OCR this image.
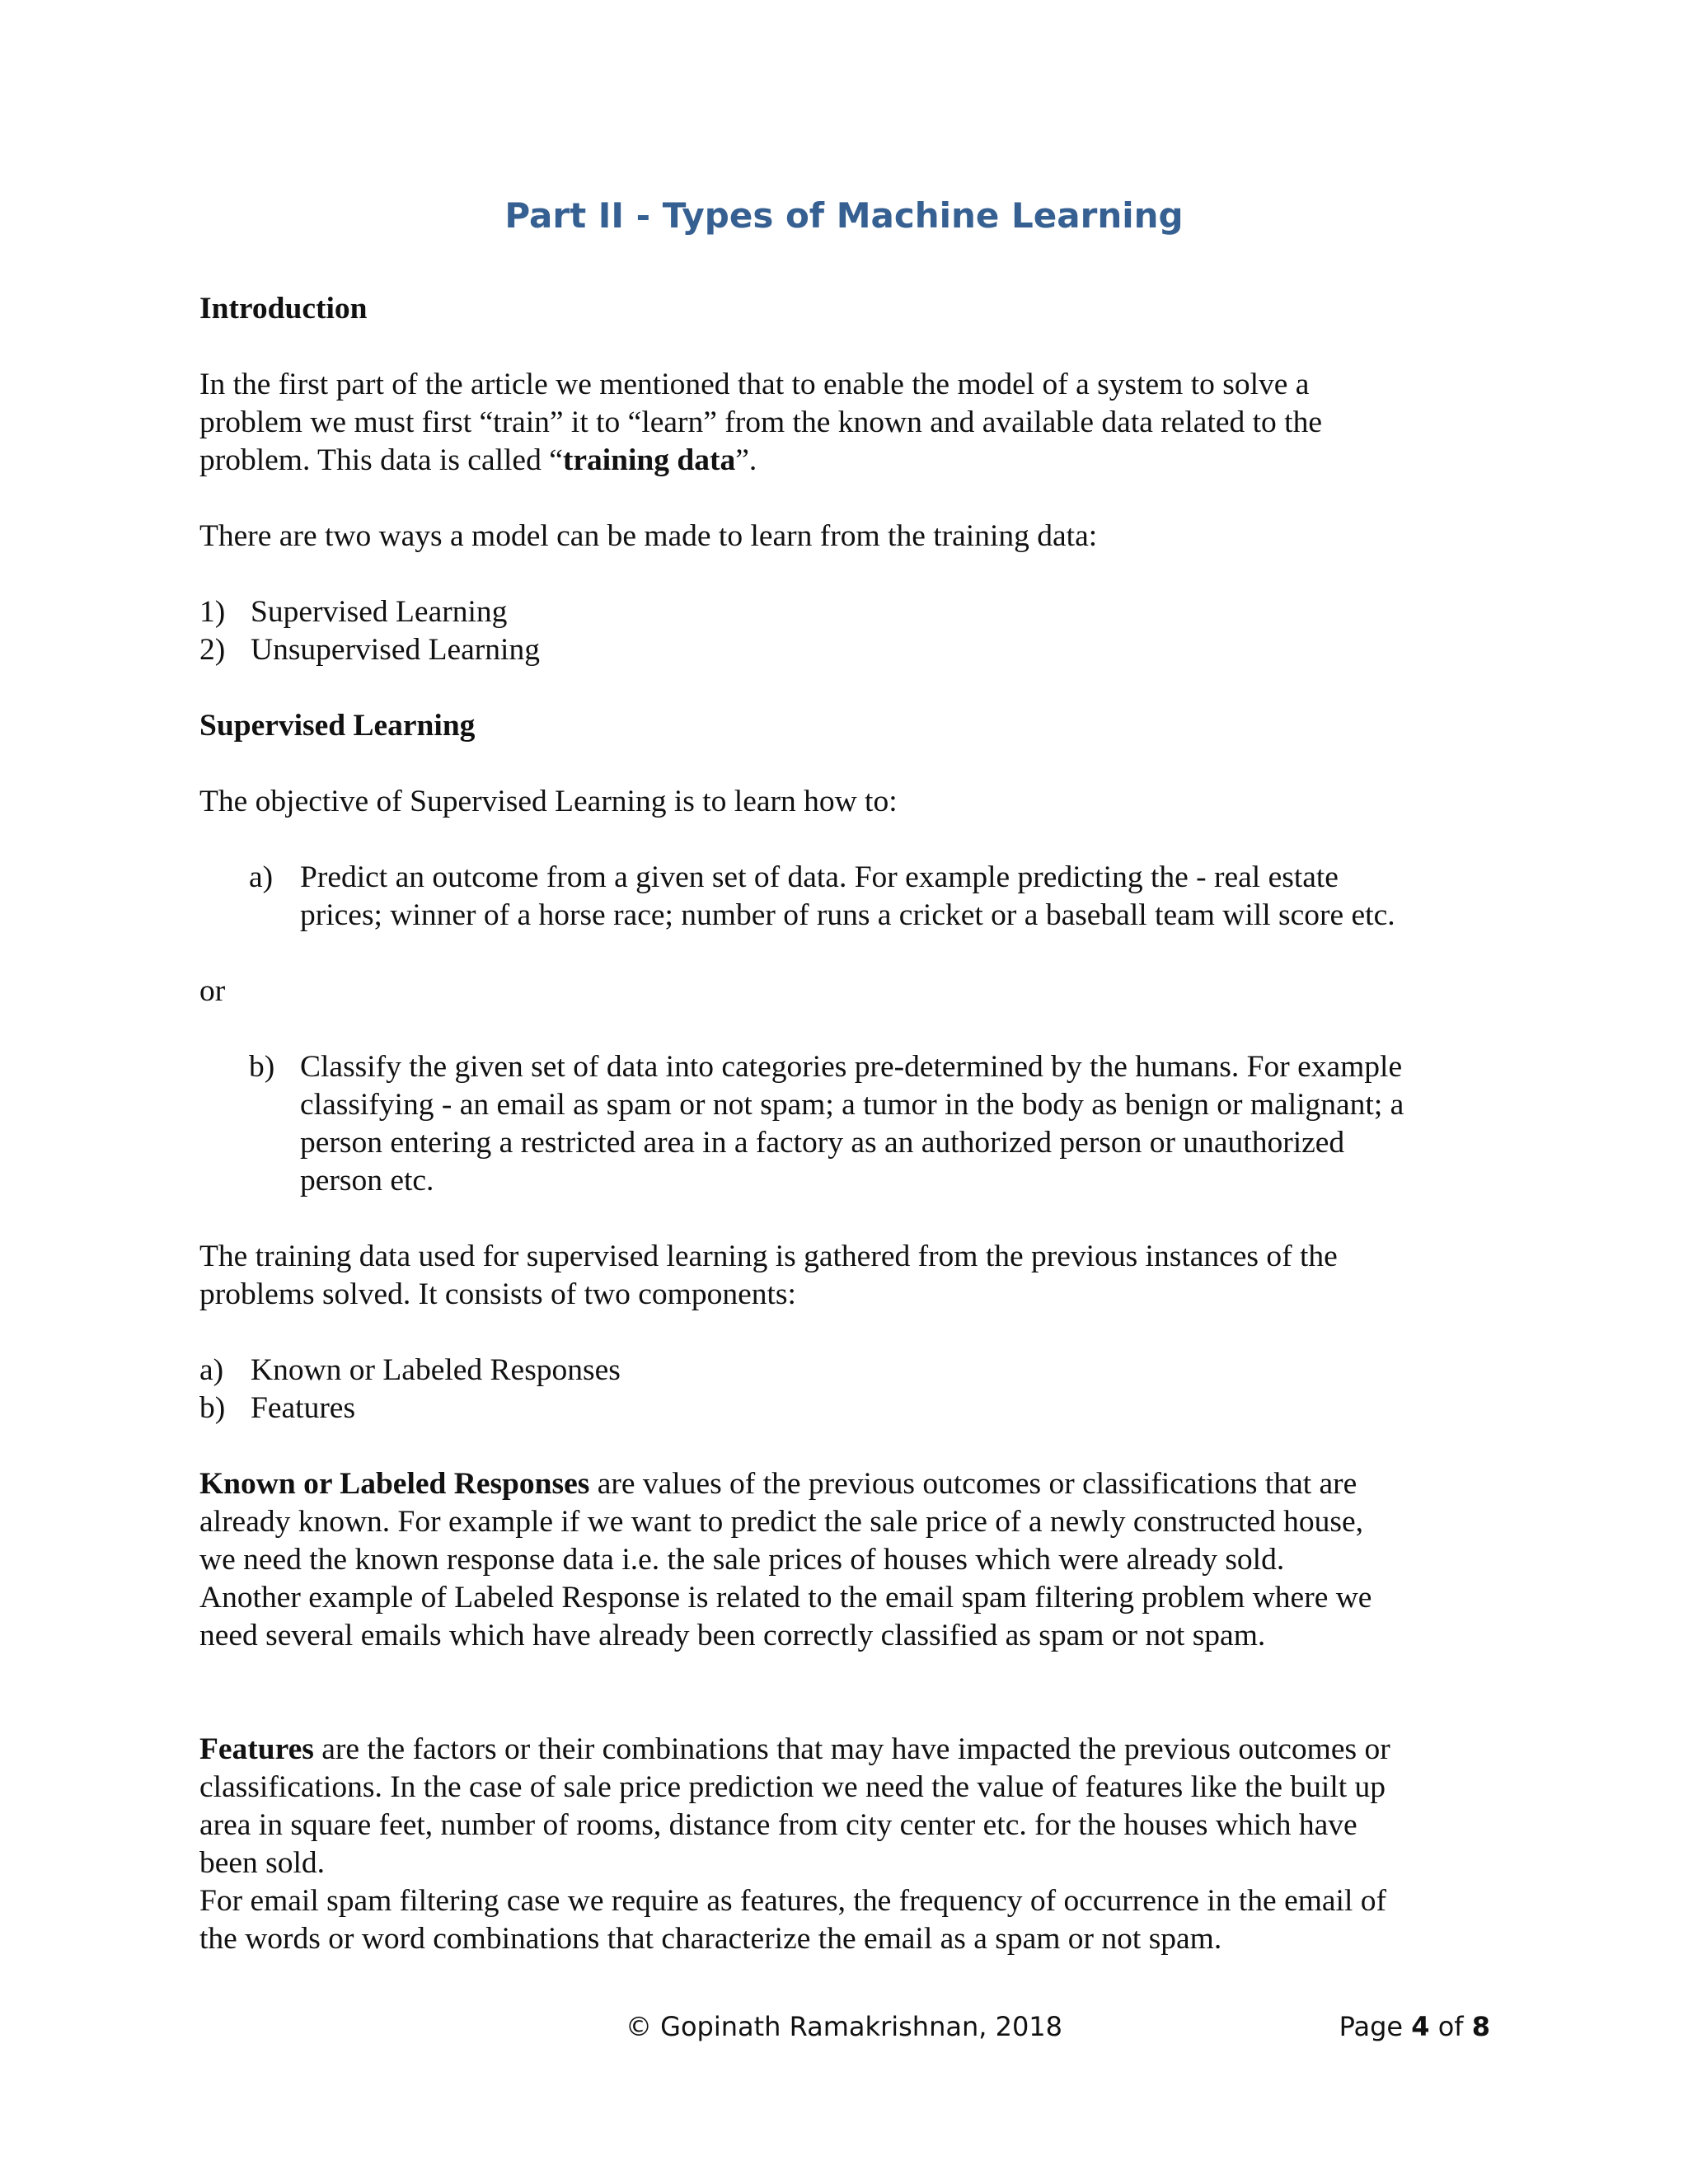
Part II - Types of Machine Learning
Introduction

In the first part of the article we mentioned that to enable the model of a system to solve a

problem we must first “train” it to “learn” from the known and available data related to the

problem. This data is called “training data”.

There are two ways a model can be made to learn from the training data:
1) Supervised Learning
2) Unsupervised Learning
Supervised Learning
The objective of Supervised Learning is to learn how to:
a) Predict an outcome from a given set of data. For example predicting the - real estate

prices; winner of a horse race; number of runs a cricket or a baseball team will score etc.

or
b) Classify the given set of data into categories pre-determined by the humans. For example

classifying - an email as spam or not spam; a tumor in the body as benign or malignant; a

person entering a restricted area in a factory as an authorized person or unauthorized

person etc.

The training data used for supervised learning is gathered from the previous instances of the

problems solved. It consists of two components:

a) Known or Labeled Responses
b) Features

Known or Labeled Responses are values of the previous outcomes or classifications that are

already known. For example if we want to predict the sale price of a newly constructed house,

we need the known response data i.e. the sale prices of houses which were already sold.

Another example of Labeled Response is related to the email spam filtering problem where we

need several emails which have already been correctly classified as spam or not spam.

Features are the factors or their combinations that may have impacted the previous outcomes or

classifications. In the case of sale price prediction we need the value of features like the built up

area in square feet, number of rooms, distance from city center etc. for the houses which have

been sold.

For email spam filtering case we require as features, the frequency of occurrence in the email of

the words or word combinations that characterize the email as a spam or not spam.

© Gopinath Ramakrishnan, 2018	Page 4 of 8
